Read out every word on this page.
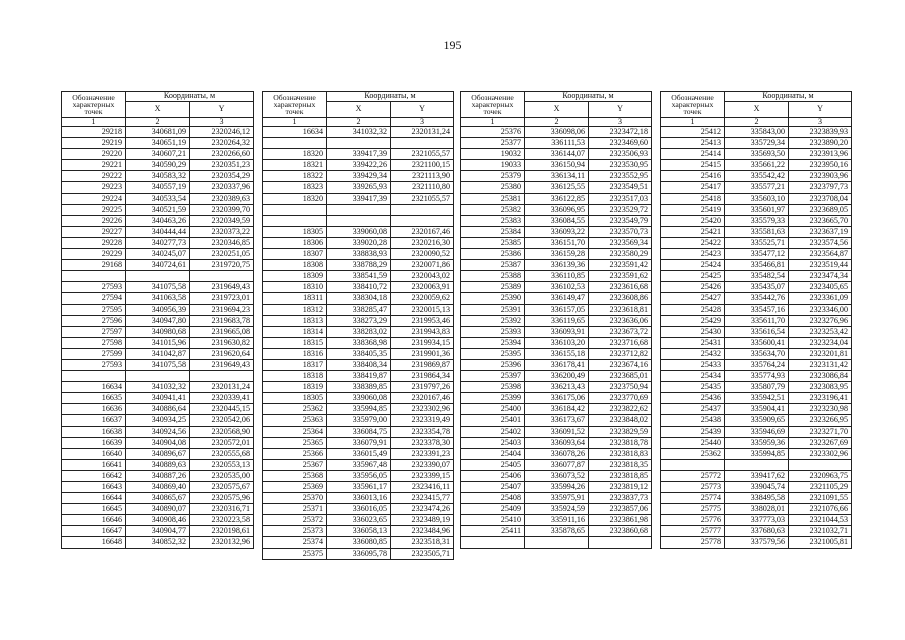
195
Обозначение характерных точек	Координаты, м	
	X	Y
1	2	3
29218	340681,09	2320246,12
29219	340651,19	2320264,32
29220	340607,21	2320266,60
29221	340590,29	2320351,23
29222	340583,32	2320354,29
29223	340557,19	2320337,96
29224	340533,54	2320389,63
29225	340521,59	2320399,70
29226	340463,26	2320349,59
29227	340444,44	2320373,22
29228	340277,73	2320346,85
29229	340245,07	2320251,05
29168	340724,61	2319720,75

27593	341075,58	2319649,43
27594	341063,58	2319723,01
27595	340956,39	2319694,23
27596	340947,80	2319683,78
27597	340980,68	2319665,08
27598	341015,96	2319630,82
27599	341042,87	2319620,64
27593	341075,58	2319649,43

16634	341032,32	2320131,24
16635	340941,41	2320339,41
16636	340886,64	2320445,15
16637	340934,25	2320542,06
16638	340924,56	2320568,90
16639	340904,08	2320572,01
16640	340896,67	2320555,68
16641	340889,63	2320553,13
16642	340887,26	2320535,00
16643	340869,40	2320575,67
16644	340865,67	2320575,96
16645	340890,07	2320316,71
16646	340908,46	2320223,58
16647	340904,77	2320198,61
16648	340852,32	2320132,96
Обозначение характерных точек	Координаты, м	
	X	Y
1	2	3
16634	341032,32	2320131,24

18320	339417,39	2321055,57
18321	339422,26	2321100,15
18322	339429,34	2321113,90
18323	339265,93	2321110,80
18320	339417,39	2321055,57

18305	339060,08	2320167,46
18306	339020,28	2320216,30
18307	338838,93	2320090,52
18308	338788,29	2320071,86
18309	338541,59	2320043,02
18310	338410,72	2320063,91
18311	338304,18	2320059,62
18312	338285,47	2320015,13
18313	338273,29	2319953,46
18314	338283,02	2319943,83
18315	338368,98	2319934,15
18316	338405,35	2319901,36
18317	338408,34	2319869,87
18318	338419,87	2319864,34
18319	338389,85	2319797,26
18305	339060,08	2320167,46
25362	335994,85	2323302,96
25363	335979,00	2323319,49
25364	336084,75	2323354,78
25365	336079,91	2323378,30
25366	336015,49	2323391,23
25367	335967,48	2323390,07
25368	335956,05	2323399,15
25369	335961,17	2323416,11
25370	336013,16	2323415,77
25371	336016,05	2323474,26
25372	336023,65	2323489,19
25373	336058,13	2323484,96
25374	336080,85	2323518,31
25375	336095,78	2323505,71
Обозначение характерных точек	Координаты, м	
	X	Y
1	2	3
25376	336098,06	2323472,18
25377	336111,53	2323469,60
19032	336144,07	2323506,93
19033	336150,94	2323530,95
25379	336134,11	2323552,95
25380	336125,55	2323549,51
25381	336122,85	2323517,03
25382	336096,95	2323529,72
25383	336084,55	2323549,79
25384	336093,22	2323570,73
25385	336151,70	2323569,34
25386	336159,28	2323580,29
25387	336139,36	2323591,42
25388	336110,85	2323591,62
25389	336102,53	2323616,68
25390	336149,47	2323608,86
25391	336157,05	2323618,81
25392	336119,65	2323636,06
25393	336093,91	2323673,72
25394	336103,20	2323716,68
25395	336155,18	2323712,82
25396	336178,41	2323674,16
25397	336200,49	2323685,01
25398	336213,43	2323750,94
25399	336175,06	2323770,69
25400	336184,42	2323822,62
25401	336173,67	2323848,02
25402	336091,52	2323829,59
25403	336093,64	2323818,78
25404	336078,26	2323818,83
25405	336077,87	2323818,35
25406	336073,52	2323818,85
25407	335994,26	2323819,12
25408	335975,91	2323837,73
25409	335924,59	2323857,06
25410	335911,16	2323861,98
25411	335878,65	2323860,68

Обозначение характерных точек	Координаты, м	
	X	Y
1	2	3
25412	335843,00	2323839,93
25413	335729,34	2323890,20
25414	335693,50	2323913,96
25415	335661,22	2323950,16
25416	335542,42	2323903,96
25417	335577,21	2323797,73
25418	335603,10	2323708,04
25419	335601,97	2323689,05
25420	335579,33	2323665,70
25421	335581,63	2323637,19
25422	335525,71	2323574,56
25423	335477,12	2323564,87
25424	335466,81	2323519,44
25425	335482,54	2323474,34
25426	335435,07	2323405,65
25427	335442,76	2323361,09
25428	335457,16	2323346,00
25429	335611,70	2323276,96
25430	335616,54	2323253,42
25431	335600,41	2323234,04
25432	335634,70	2323201,81
25433	335764,24	2323131,42
25434	335774,93	2323086,84
25435	335807,79	2323083,95
25436	335942,51	2323196,41
25437	335904,41	2323230,98
25438	335909,65	2323266,95
25439	335946,69	2323271,70
25440	335959,36	2323267,69
25362	335994,85	2323302,96

25772	339417,62	2320963,75
25773	339045,74	2321105,29
25774	338495,58	2321091,55
25775	338028,01	2321076,66
25776	337773,03	2321044,53
25777	337680,63	2321032,71
25778	337579,56	2321005,81
